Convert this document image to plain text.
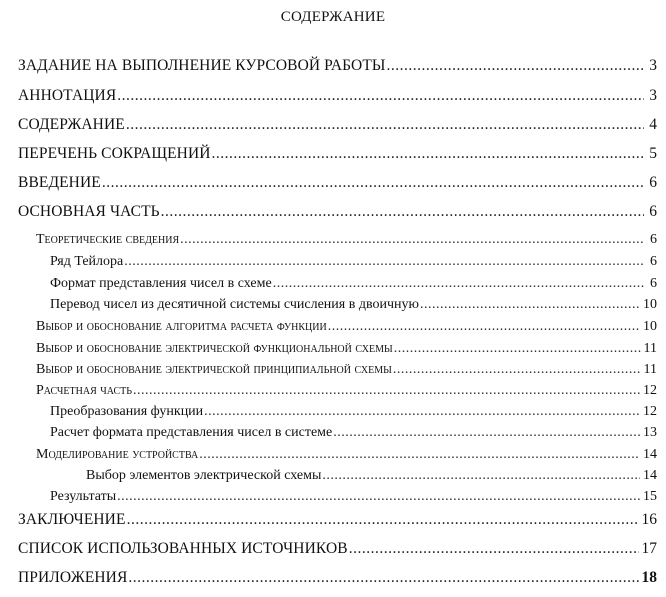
СОДЕРЖАНИЕ
ЗАДАНИЕ НА ВЫПОЛНЕНИЕ КУРСОВОЙ РАБОТЫ .....	3
АННОТАЦИЯ .....	3
СОДЕРЖАНИЕ .....	4
ПЕРЕЧЕНЬ СОКРАЩЕНИЙ .....	5
ВВЕДЕНИЕ .....	6
ОСНОВНАЯ ЧАСТЬ .....	6
Теоретические сведения .....	6
Ряд Тейлора .....	6
Формат представления чисел в схеме .....	6
Перевод чисел из десятичной системы счисления в двоичную .....	10
Выбор и обоснование алгоритма расчета функции .....	10
Выбор и обоснование электрической функциональной схемы .....	11
Выбор и обоснование электрической принципиальной схемы .....	11
Расчетная часть .....	12
Преобразования функции .....	12
Расчет формата представления чисел в системе .....	13
Моделирование устройства .....	14
Выбор элементов электрической схемы .....	14
Результаты .....	15
ЗАКЛЮЧЕНИЕ .....	16
СПИСОК ИСПОЛЬЗОВАННЫХ ИСТОЧНИКОВ .....	17
ПРИЛОЖЕНИЯ .....	18
